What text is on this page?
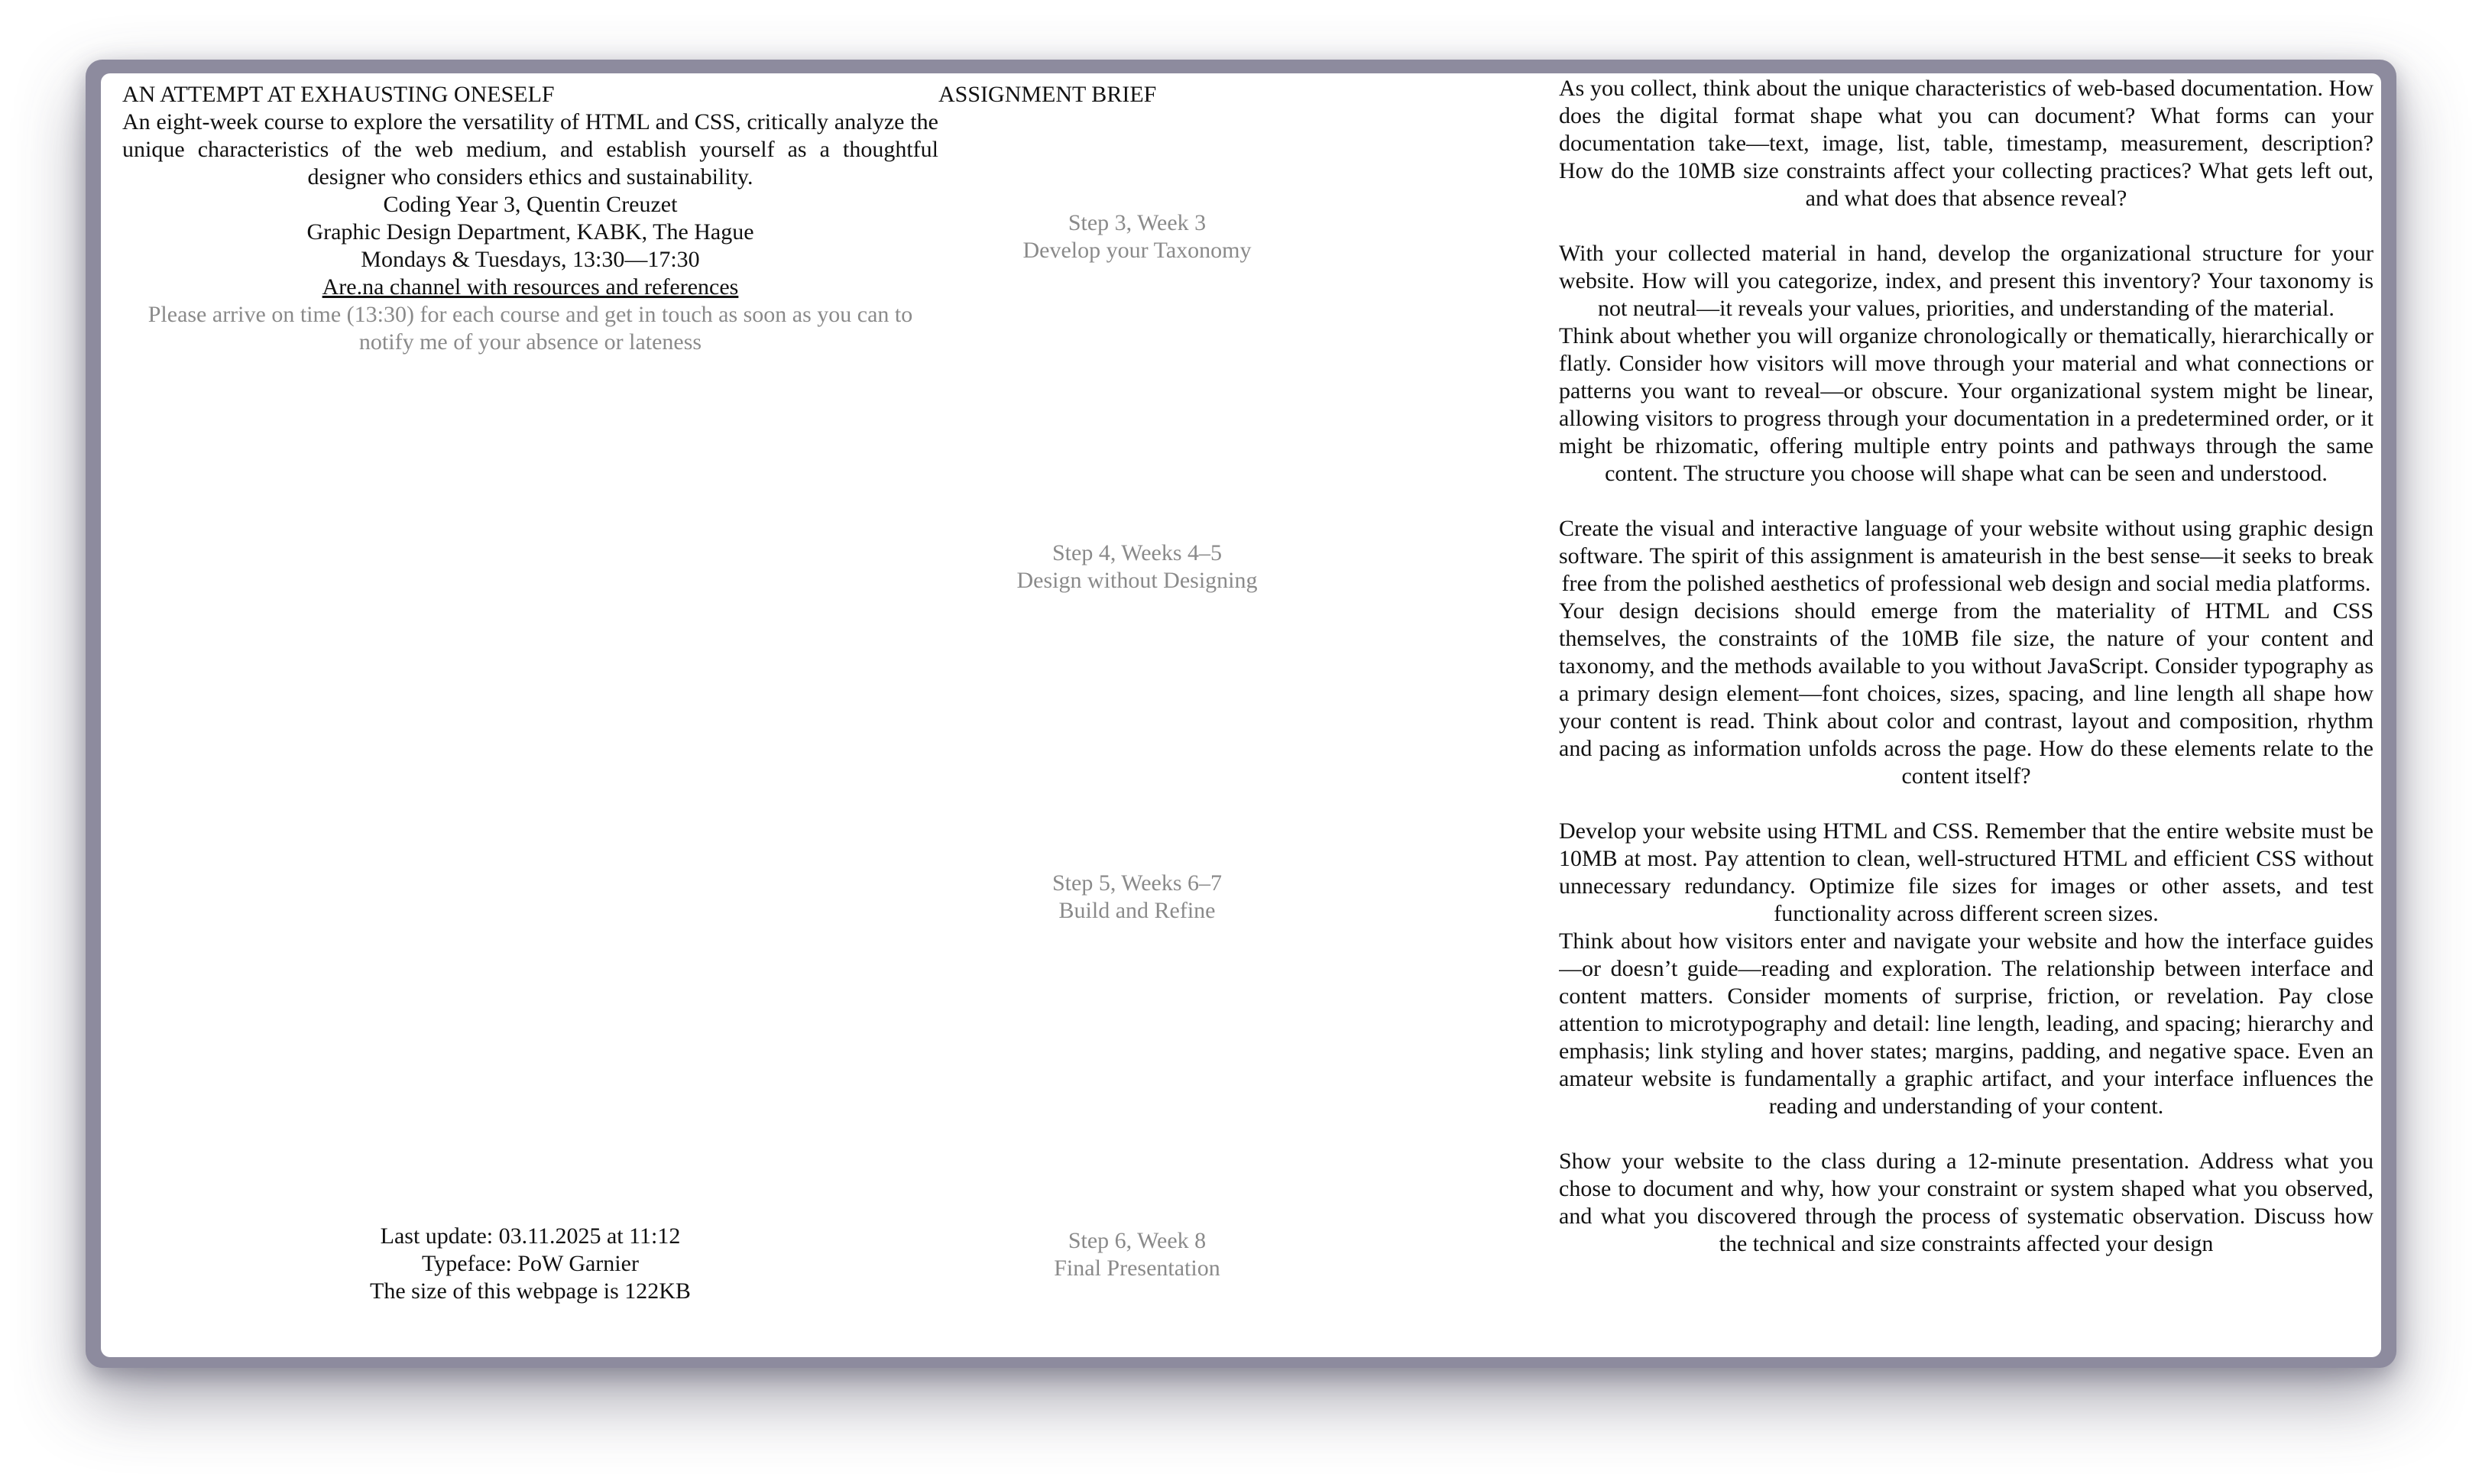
AN ATTEMPT AT EXHAUSTING ONESELF
An eight-week course to explore the versatility of HTML and CSS, critically analyze the unique characteristics of the web medium, and establish yourself as a thoughtful designer who considers ethics and sustainability.
Coding Year 3, Quentin Creuzet
Graphic Design Department, KABK, The Hague
Mondays & Tuesdays, 13:30—17:30
Are.na channel with resources and references
Please arrive on time (13:30) for each course and get in touch as soon as you can to notify me of your absence or lateness
Last update: 03.11.2025 at 11:12
Typeface: PoW Garnier
The size of this webpage is 122KB
ASSIGNMENT BRIEF
Step 3, Week 3
Develop your Taxonomy
Step 4, Weeks 4–5
Design without Designing
Step 5, Weeks 6–7
Build and Refine
Step 6, Week 8
Final Presentation

As you collect, think about the unique characteristics of web-based documentation. How does the digital format shape what you can document? What forms can your documentation take—text, image, list, table, timestamp, measurement, description? How do the 10MB size constraints affect your collecting practices? What gets left out, and what does that absence reveal?

With your collected material in hand, develop the organizational structure for your website. How will you categorize, index, and present this inventory? Your taxonomy is not neutral—it reveals your values, priorities, and understanding of the material.

Think about whether you will organize chronologically or thematically, hierarchically or flatly. Consider how visitors will move through your material and what connections or patterns you want to reveal—or obscure. Your organizational system might be linear, allowing visitors to progress through your documentation in a predetermined order, or it might be rhizomatic, offering multiple entry points and pathways through the same content. The structure you choose will shape what can be seen and understood.

Create the visual and interactive language of your website without using graphic design software. The spirit of this assignment is amateurish in the best sense—it seeks to break free from the polished aesthetics of professional web design and social media platforms.

Your design decisions should emerge from the materiality of HTML and CSS themselves, the constraints of the 10MB file size, the nature of your content and taxonomy, and the methods available to you without JavaScript. Consider typography as a primary design element—font choices, sizes, spacing, and line length all shape how your content is read. Think about color and contrast, layout and composition, rhythm and pacing as information unfolds across the page. How do these elements relate to the content itself?

Develop your website using HTML and CSS. Remember that the entire website must be 10MB at most. Pay attention to clean, well-structured HTML and efficient CSS without unnecessary redundancy. Optimize file sizes for images or other assets, and test functionality across different screen sizes.

Think about how visitors enter and navigate your website and how the interface guides—or doesn’t guide—reading and exploration. The relationship between interface and content matters. Consider moments of surprise, friction, or revelation. Pay close attention to microtypography and detail: line length, leading, and spacing; hierarchy and emphasis; link styling and hover states; margins, padding, and negative space. Even an amateur website is fundamentally a graphic artifact, and your interface influences the reading and understanding of your content.

Show your website to the class during a 12-minute presentation. Address what you chose to document and why, how your constraint or system shaped what you observed, and what you discovered through the process of systematic observation. Discuss how the technical and size constraints affected your design
